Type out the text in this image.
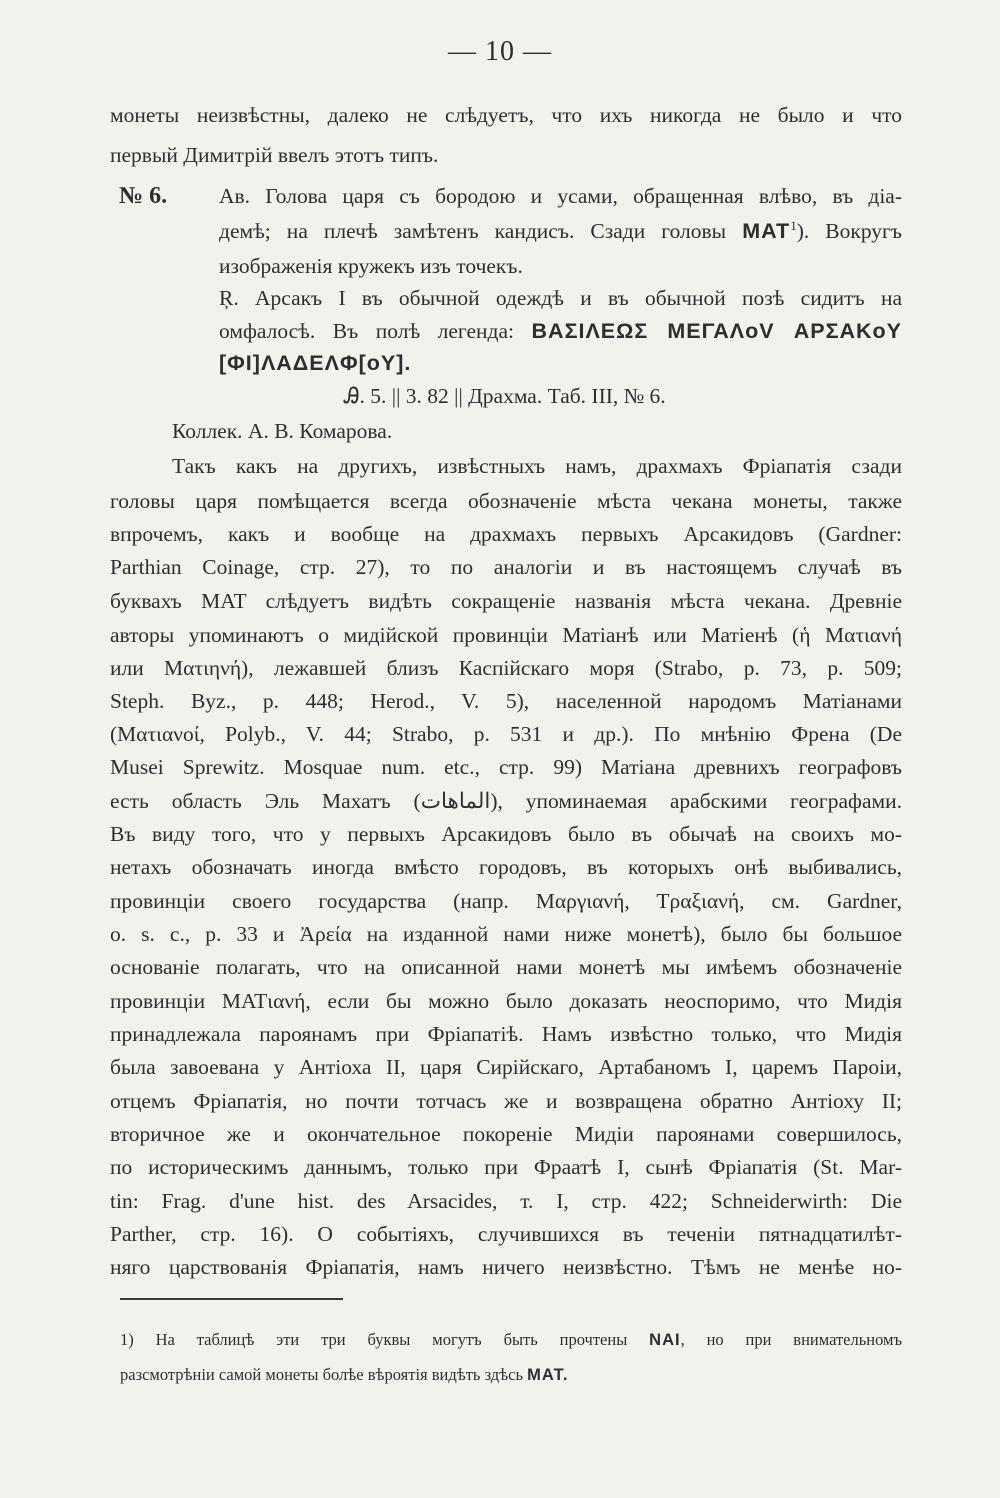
— 10 —
монеты неизвѣстны, далеко не слѣдуетъ, что ихъ никогда не было и что
первый Димитрій ввелъ этотъ типъ.
№ 6. Ав. Голова царя съ бородою и усами, обращенная влѣво, въ діа-
демѣ; на плечѣ замѣтенъ кандисъ. Сзади головы MAT$^1$). Вокругъ
изображенія кружекъ изъ точекъ.
Ŗ. Арсакъ I въ обычной одеждѣ и въ обычной позѣ сидитъ на
омфалосѣ. Въ полѣ легенда: ΒΑΣΙΛΕΩΣ ΜΕΓΑΛoV ΑΡΣΑΚoY
[ΦΙ]ΛΑΔΕΛΦ[oY].
Ꭿ. 5. || 3. 82 || Драхма. Таб. III, № 6.
Коллек. А. В. Комарова.
Такъ какъ на другихъ, извѣстныхъ намъ, драхмахъ Фріапатія сзади
головы царя помѣщается всегда обозначеніе мѣста чекана монеты, также
впрочемъ, какъ и вообще на драхмахъ первыхъ Арсакидовъ (Gardner:
Parthian Coinage, стр. 27), то по аналогіи и въ настоящемъ случаѣ въ
буквахъ MAT слѣдуетъ видѣть сокращеніе названія мѣста чекана. Древніе
авторы упоминаютъ о мидійской провинціи Матіанѣ или Матіенѣ (ἡ Ματιανή
или Ματιηνή), лежавшей близъ Каспійскаго моря (Strabo, p. 73, p. 509;
Steph. Byz., p. 448; Herod., V. 5), населенной народомъ Матіанами
(Ματιανοί, Polyb., V. 44; Strabo, p. 531 и др.). По мнѣнію Френа (De
Musei Sprewitz. Mosquae num. etc., стр. 99) Матіана древнихъ географовъ
есть область Эль Махатъ (الماهات), упоминаемая арабскими географами.
Въ виду того, что у первыхъ Арсакидовъ было въ обычаѣ на своихъ мо-
нетахъ обозначать иногда вмѣсто городовъ, въ которыхъ онѣ выбивались,
провинціи своего государства (напр. Μαργιανή, Τραξιανή, см. Gardner,
o. s. c., p. 33 и Ἀρεία на изданной нами ниже монетѣ), было бы большое
основаніе полагать, что на описанной нами монетѣ мы имѣемъ обозначеніе
провинціи MATιανή, если бы можно было доказать неоспоримо, что Мидія
принадлежала пароянамъ при Фріапатіѣ. Намъ извѣстно только, что Мидія
была завоевана у Антіоха II, царя Сирійскаго, Артабаномъ I, царемъ Пароіи,
отцемъ Фріапатія, но почти тотчасъ же и возвращена обратно Антіоху II;
вторичное же и окончательное покореніе Мидіи пароянами совершилось,
по историческимъ даннымъ, только при Фраатѣ I, сынѣ Фріапатія (St. Mar-
tin: Frag. d'une hist. des Arsacides, т. I, стр. 422; Schneiderwirth: Die
Parther, стр. 16). О событіяхъ, случившихся въ теченіи пятнадцатилѣт-
няго царствованія Фріапатія, намъ ничего неизвѣстно. Тѣмъ не менѣе но-
1) На таблицѣ эти три буквы могутъ быть прочтены NAI, но при внимательномъ
разсмотрѣніи самой монеты болѣе вѣроятія видѣть здѣсь MAT.
